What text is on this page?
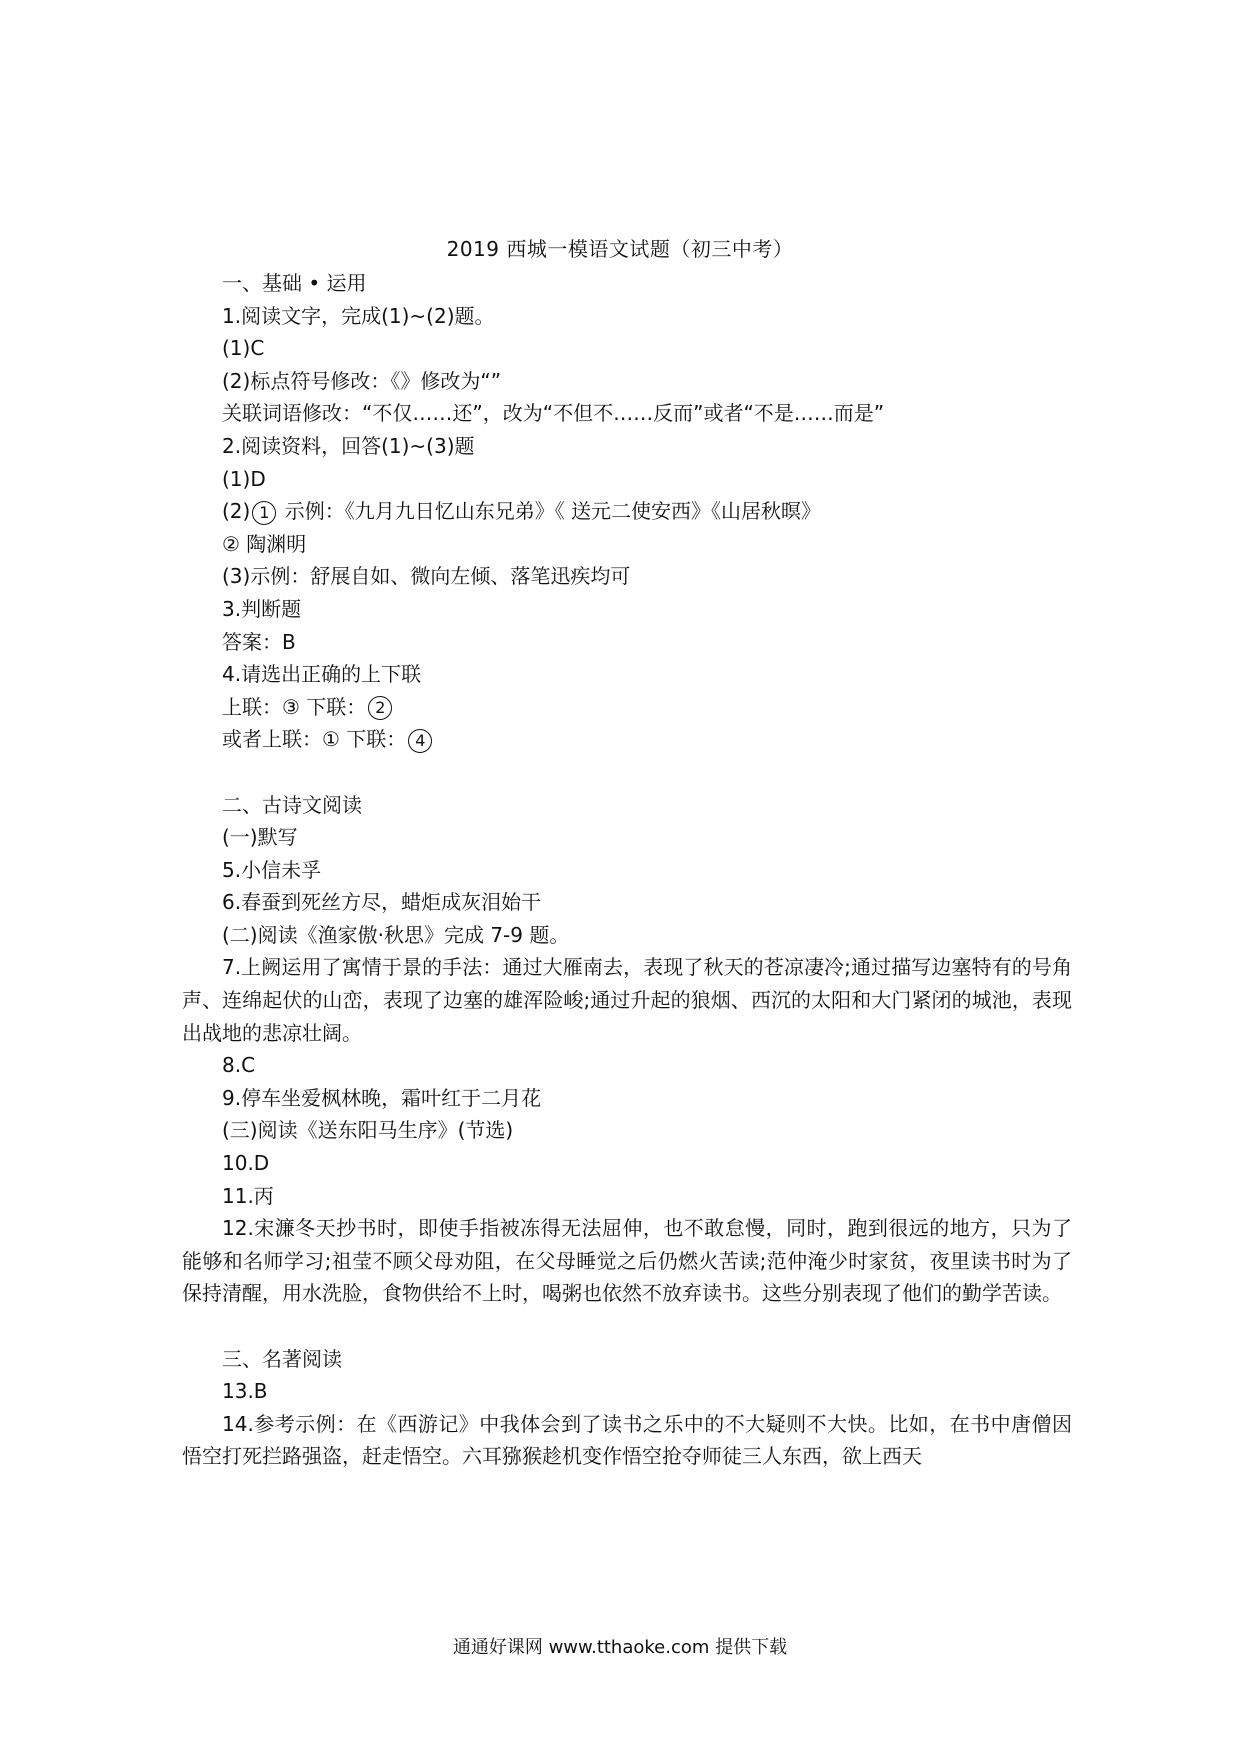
2019 西城一模语文试题（初三中考）
一、基础 • 运用
1.阅读文字，完成(1)~(2)题。
(1)C
(2)标点符号修改：《》修改为“”
关联词语修改：“不仅……还”，改为“不但不……反而”或者“不是……而是”
2.阅读资料，回答(1)~(3)题
(1)D
(2) 1 示例：《九月九日忆山东兄弟》《 送元二使安西》《山居秋暝》
② 陶渊明
(3)示例：舒展自如、微向左倾、落笔迅疾均可
3.判断题
答案：B
4.请选出正确的上下联
上联：③ 下联： 2
或者上联：① 下联： 4
二、古诗文阅读
(一)默写
5.小信未孚
6.春蚕到死丝方尽，蜡炬成灰泪始干
(二)阅读《渔家傲·秋思》完成 7-9 题。
7.上阙运用了寓情于景的手法：通过大雁南去，表现了秋天的苍凉凄冷;通过描写边塞特有的号角声、连绵起伏的山峦，表现了边塞的雄浑险峻;通过升起的狼烟、西沉的太阳和大门紧闭的城池，表现出战地的悲凉壮阔。
8.C
9.停车坐爱枫林晚，霜叶红于二月花
(三)阅读《送东阳马生序》(节选)
10.D
11.丙
12.宋濂冬天抄书时，即使手指被冻得无法屈伸，也不敢怠慢，同时，跑到很远的地方，只为了能够和名师学习;祖莹不顾父母劝阻，在父母睡觉之后仍燃火苦读;范仲淹少时家贫，夜里读书时为了保持清醒，用水洗脸，食物供给不上时，喝粥也依然不放弃读书。这些分别表现了他们的勤学苦读。
三、名著阅读
13.B
14.参考示例：在《西游记》中我体会到了读书之乐中的不大疑则不大快。比如，在书中唐僧因悟空打死拦路强盗，赶走悟空。六耳猕猴趁机变作悟空抢夺师徒三人东西，欲上西天
通通好课网 www.tthaoke.com 提供下载
